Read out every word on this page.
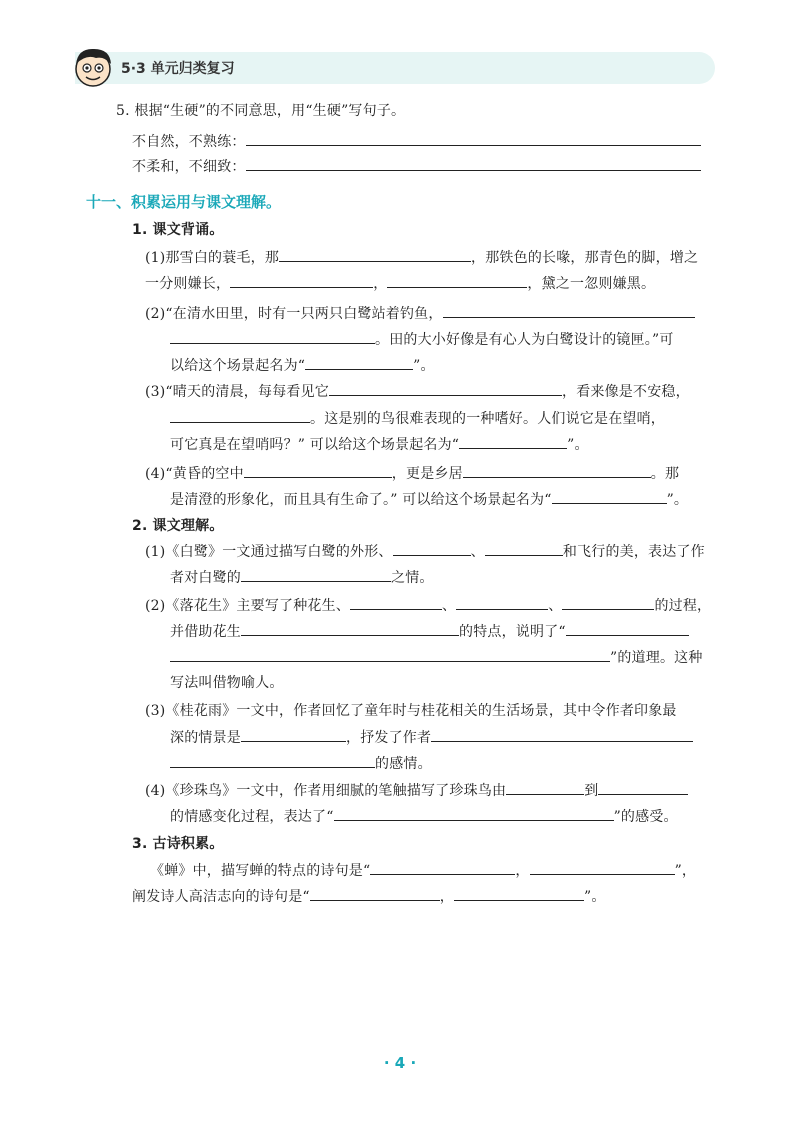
5·3 单元归类复习

5. 根据“生硬”的不同意思，用“生硬”写句子。

不自然，不熟练：

不柔和，不细致：

十一、积累运用与课文理解。

1. 课文背诵。

(1)那雪白的蓑毛，那	，那铁色的长喙，那青色的脚，增之

一分则嫌长，	，	，黛之一忽则嫌黑。

(2)“在清水田里，时有一只两只白鹭站着钓鱼，

。田的大小好像是有心人为白鹭设计的镜匣。”可

以给这个场景起名为“	”。

(3)“晴天的清晨，每每看见它	，看来像是不安稳，

。这是别的鸟很难表现的一种嗜好。人们说它是在望哨，

可它真是在望哨吗？” 可以给这个场景起名为“	”。

(4)“黄昏的空中	，更是乡居	。那

是清澄的形象化，而且具有生命了。” 可以给这个场景起名为“	”。

2. 课文理解。

(1)《白鹭》一文通过描写白鹭的外形、	、	和飞行的美，表达了作

者对白鹭的	之情。

(2)《落花生》主要写了种花生、	、	、	的过程，

并借助花生	的特点，说明了“

”的道理。这种

写法叫借物喻人。

(3)《桂花雨》一文中，作者回忆了童年时与桂花相关的生活场景，其中令作者印象最

深的情景是	，抒发了作者

的感情。

(4)《珍珠鸟》一文中，作者用细腻的笔触描写了珍珠鸟由	到

的情感变化过程，表达了“	”的感受。

3. 古诗积累。

《蝉》中，描写蝉的特点的诗句是“	，	”，

阐发诗人高洁志向的诗句是“	，	”。

· 4 ·
